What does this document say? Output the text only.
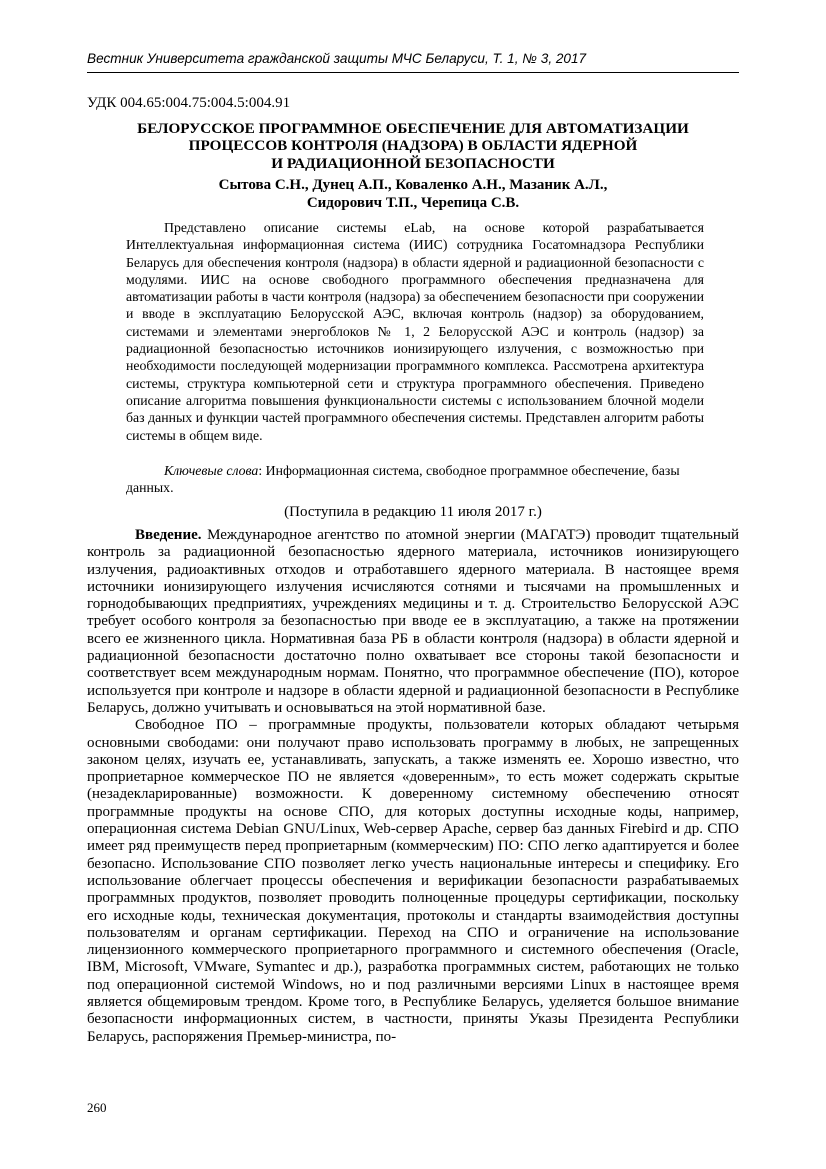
Вестник Университета гражданской защиты МЧС Беларуси, Т. 1, № 3, 2017
УДК 004.65:004.75:004.5:004.91
БЕЛОРУССКОЕ ПРОГРАММНОЕ ОБЕСПЕЧЕНИЕ ДЛЯ АВТОМАТИЗАЦИИ
ПРОЦЕССОВ КОНТРОЛЯ (НАДЗОРА) В ОБЛАСТИ ЯДЕРНОЙ
И РАДИАЦИОННОЙ БЕЗОПАСНОСТИ
Сытова С.Н., Дунец А.П., Коваленко А.Н., Мазаник А.Л.,
Сидорович Т.П., Черепица С.В.
Представлено описание системы eLab, на основе которой разрабатывается Интеллектуальная информационная система (ИИС) сотрудника Госатомнадзора Республики Беларусь для обеспечения контроля (надзора) в области ядерной и радиационной безопасности с модулями. ИИС на основе свободного программного обеспечения предназначена для автоматизации работы в части контроля (надзора) за обеспечением безопасности при сооружении и вводе в эксплуатацию Белорусской АЭС, включая контроль (надзор) за оборудованием, системами и элементами энергоблоков № 1, 2 Белорусской АЭС и контроль (надзор) за радиационной безопасностью источников ионизирующего излучения, с возможностью при необходимости последующей модернизации программного комплекса. Рассмотрена архитектура системы, структура компьютерной сети и структура программного обеспечения. Приведено описание алгоритма повышения функциональности системы с использованием блочной модели баз данных и функции частей программного обеспечения системы. Представлен алгоритм работы системы в общем виде.
Ключевые слова: Информационная система, свободное программное обеспечение, базы данных.
(Поступила в редакцию 11 июля 2017 г.)

Введение. Международное агентство по атомной энергии (МАГАТЭ) проводит тщательный контроль за радиационной безопасностью ядерного материала, источников ионизирующего излучения, радиоактивных отходов и отработавшего ядерного материала. В настоящее время источники ионизирующего излучения исчисляются сотнями и тысячами на промышленных и горнодобывающих предприятиях, учреждениях медицины и т. д. Строительство Белорусской АЭС требует особого контроля за безопасностью при вводе ее в эксплуатацию, а также на протяжении всего ее жизненного цикла. Нормативная база РБ в области контроля (надзора) в области ядерной и радиационной безопасности достаточно полно охватывает все стороны такой безопасности и соответствует всем международным нормам. Понятно, что программное обеспечение (ПО), которое используется при контроле и надзоре в области ядерной и радиационной безопасности в Республике Беларусь, должно учитывать и основываться на этой нормативной базе.

Свободное ПО – программные продукты, пользователи которых обладают четырьмя основными свободами: они получают право использовать программу в любых, не запрещенных законом целях, изучать ее, устанавливать, запускать, а также изменять ее. Хорошо известно, что проприетарное коммерческое ПО не является «доверенным», то есть может содержать скрытые (незадекларированные) возможности. К доверенному системному обеспечению относят программные продукты на основе СПО, для которых доступны исходные коды, например, операционная система Debian GNU/Linux, Web-сервер Apache, сервер баз данных Firebird и др. СПО имеет ряд преимуществ перед проприетарным (коммерческим) ПО: СПО легко адаптируется и более безопасно. Использование СПО позволяет легко учесть национальные интересы и специфику. Его использование облегчает процессы обеспечения и верификации безопасности разрабатываемых программных продуктов, позволяет проводить полноценные процедуры сертификации, поскольку его исходные коды, техническая документация, протоколы и стандарты взаимодействия доступны пользователям и органам сертификации. Переход на СПО и ограничение на использование лицензионного коммерческого проприетарного программного и системного обеспечения (Oracle, IBM, Microsoft, VMware, Symantec и др.), разработка программных систем, работающих не только под операционной системой Windows, но и под различными версиями Linux в настоящее время является общемировым трендом. Кроме того, в Республике Беларусь, уделяется большое внимание безопасности информационных систем, в частности, приняты Указы Президента Республики Беларусь, распоряжения Премьер-министра, по-

260
